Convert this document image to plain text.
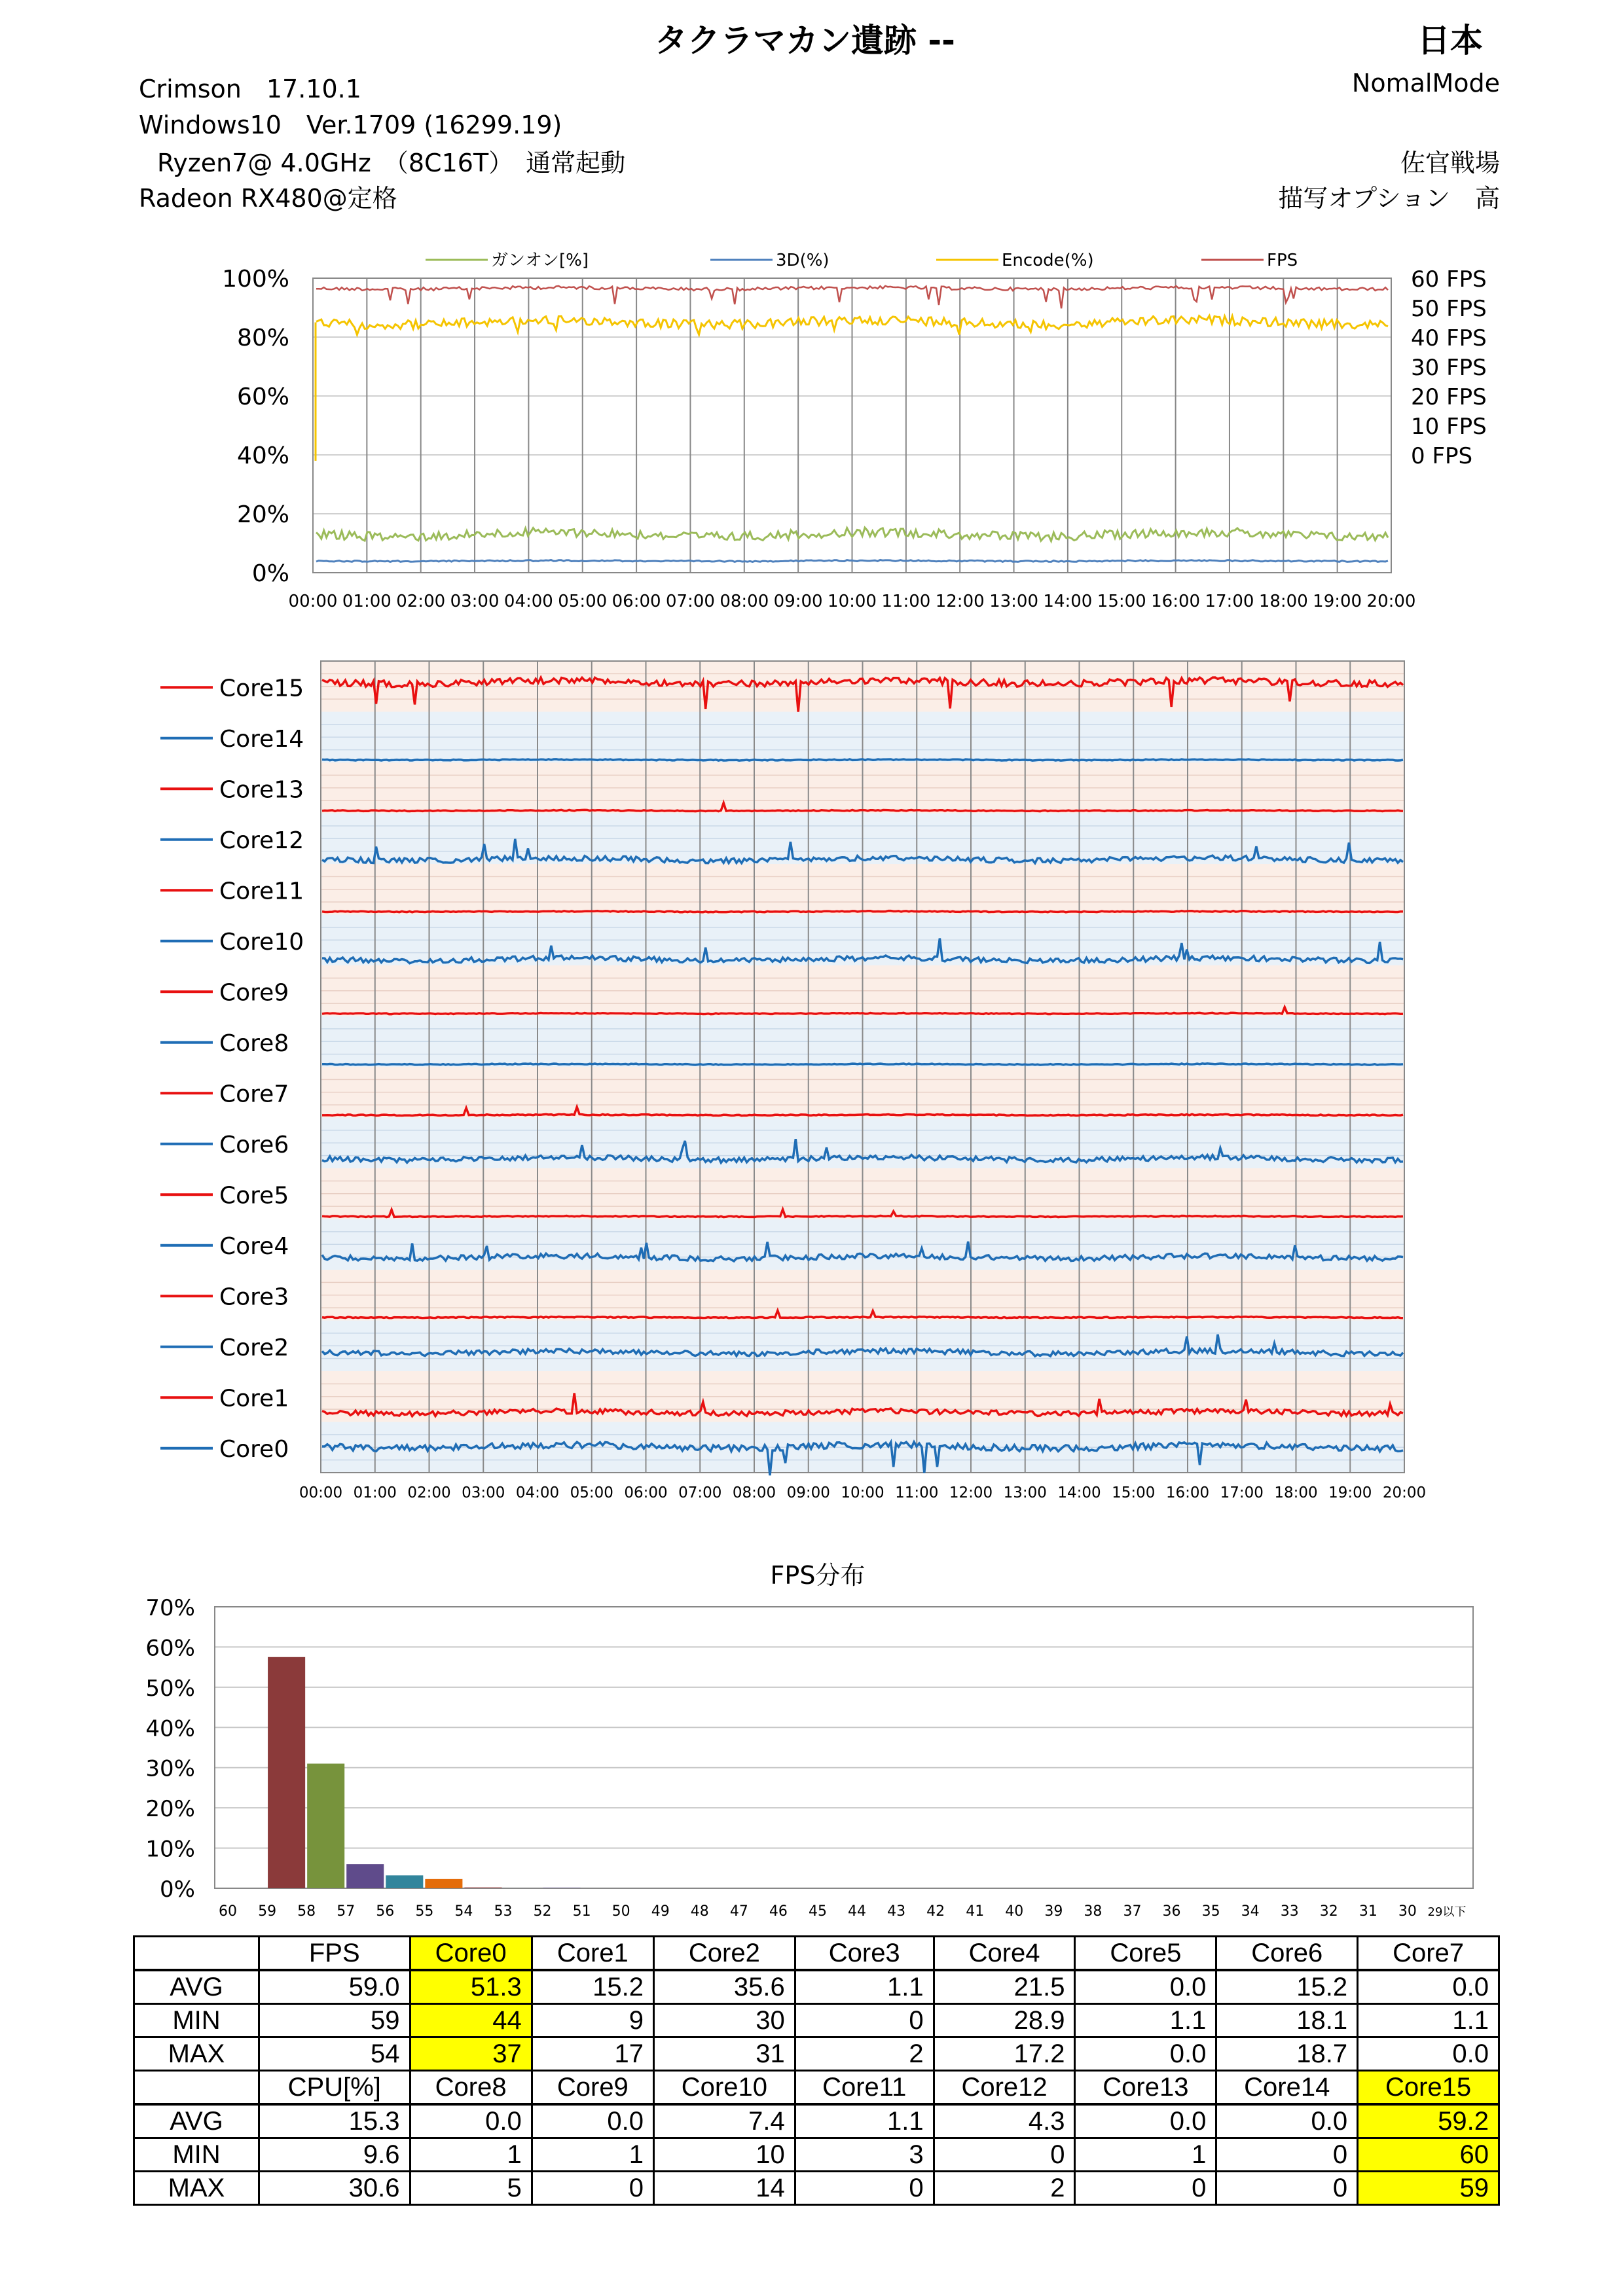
タクラマカン遺跡 --	日本
Crimson　17.10.1
Windows10　Ver.1709 (16299.19)
Ryzen7@ 4.0GHz　（8C16T）　通常起動
Radeon RX480@定格
NomalMode
佐官戦場
描写オプション　高
100%
80%
60%
40%
20%
0%
00:00 01:00 02:00 03:00 04:00 05:00 06:00 07:00 08:00 09:00 10:00 11:00 12:00 13:00 14:00 15:00 16:00 17:00 18:00 19:00 20:00
60 FPS
50 FPS
40 FPS
30 FPS
20 FPS
10 FPS
0 FPS
ガンオン[%]	3D(%)	Encode(%)	FPS
00:00 01:00 02:00 03:00 04:00 05:00 06:00 07:00 08:00 09:00 10:00 11:00 12:00 13:00 14:00 15:00 16:00 17:00 18:00 19:00 20:00
Core15
Core14
Core13
Core12
Core11
Core10
Core9
Core8
Core7
Core6
Core5
Core4
Core3
Core2
Core1
Core0
FPS分布
70%
60%
50%
40%
30%
20%
10%
0%
60 59 58 57 56 55 54 53 52 51 50 49 48 47 46 45 44 43 42 41 40 39 38 37 36 35 34 33 32 31 30 29以下
	FPS	Core0	Core1	Core2	Core3	Core4	Core5	Core6	Core7
AVG	59.0	51.3	15.2	35.6	1.1	21.5	0.0	15.2	0.0
MIN	59	44	9	30	0	28.9	1.1	18.1	1.1
MAX	54	37	17	31	2	17.2	0.0	18.7	0.0
	CPU[%]	Core8	Core9	Core10	Core11	Core12	Core13	Core14	Core15
AVG	15.3	0.0	0.0	7.4	1.1	4.3	0.0	0.0	59.2
MIN	9.6	1	1	10	3	0	1	0	60
MAX	30.6	5	0	14	0	2	0	0	59
